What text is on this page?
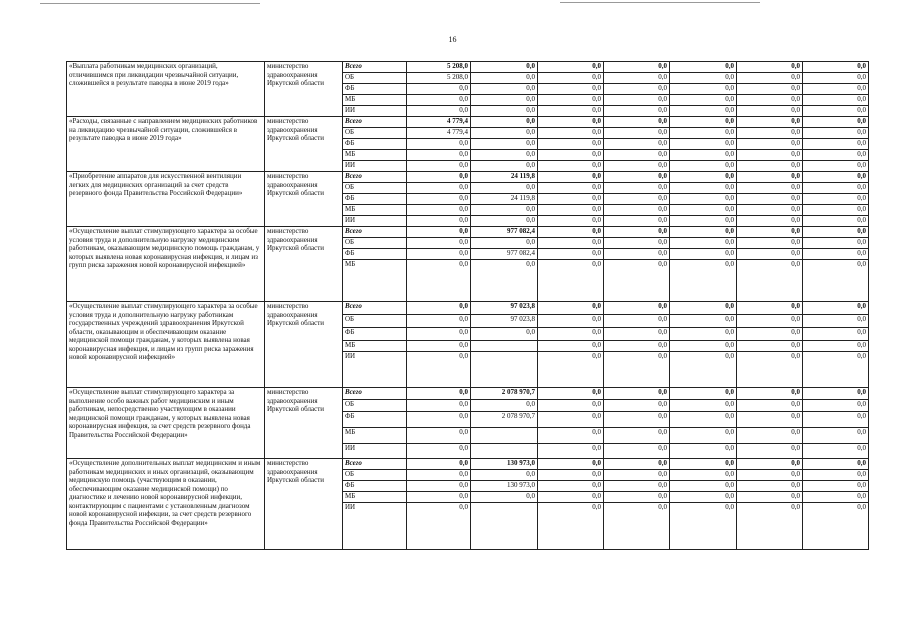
16
«Выплата работникам медицинских организаций, отличившимся при ликвидации чрезвычайной ситуации, сложившейся в результате паводка в июне 2019 года»	министерство здравоохранения Иркутской области	Всего	5 208,0	0,0	0,0	0,0	0,0	0,0	0,0
		ОБ	5 208,0	0,0	0,0	0,0	0,0	0,0	0,0
		ФБ	0,0	0,0	0,0	0,0	0,0	0,0	0,0
		МБ	0,0	0,0	0,0	0,0	0,0	0,0	0,0
		ИИ	0,0	0,0	0,0	0,0	0,0	0,0	0,0
«Расходы, связанные с направлением медицинских работников на ликвидацию чрезвычайной ситуации, сложившейся в результате паводка в июне 2019 года»	министерство здравоохранения Иркутской области	Всего	4 779,4	0,0	0,0	0,0	0,0	0,0	0,0
		ОБ	4 779,4	0,0	0,0	0,0	0,0	0,0	0,0
		ФБ	0,0	0,0	0,0	0,0	0,0	0,0	0,0
		МБ	0,0	0,0	0,0	0,0	0,0	0,0	0,0
		ИИ	0,0	0,0	0,0	0,0	0,0	0,0	0,0
«Приобретение аппаратов для искусственной вентиляции легких для медицинских организаций за счет средств резервного фонда Правительства Российской Федерации»	министерство здравоохранения Иркутской области	Всего	0,0	24 119,8	0,0	0,0	0,0	0,0	0,0
		ОБ	0,0	0,0	0,0	0,0	0,0	0,0	0,0
		ФБ	0,0	24 119,8	0,0	0,0	0,0	0,0	0,0
		МБ	0,0	0,0	0,0	0,0	0,0	0,0	0,0
		ИИ	0,0	0,0	0,0	0,0	0,0	0,0	0,0
«Осуществление выплат стимулирующего характера за особые условия труда и дополнительную нагрузку медицинским работникам, оказывающим медицинскую помощь гражданам, у которых выявлена новая коронавирусная инфекция, и лицам из групп риска заражения новой коронавирусной инфекцией»	министерство здравоохранения Иркутской области	Всего	0,0	977 082,4	0,0	0,0	0,0	0,0	0,0
		ОБ	0,0	0,0	0,0	0,0	0,0	0,0	0,0
		ФБ	0,0	977 082,4	0,0	0,0	0,0	0,0	0,0
		МБ	0,0	0,0	0,0	0,0	0,0	0,0	0,0
«Осуществление выплат стимулирующего характера за особые условия труда и дополнительную нагрузку работникам государственных учреждений здравоохранения Иркутской области, оказывающим и обеспечивающим оказание медицинской помощи гражданам, у которых выявлена новая коронавирусная инфекция, и лицам из групп риска заражения новой коронавирусной инфекцией»	министерство здравоохранения Иркутской области	Всего	0,0	97 023,8	0,0	0,0	0,0	0,0	0,0
		ОБ	0,0	97 023,8	0,0	0,0	0,0	0,0	0,0
		ФБ	0,0	0,0	0,0	0,0	0,0	0,0	0,0
		МБ	0,0		0,0	0,0	0,0	0,0	0,0
		ИИ	0,0		0,0	0,0	0,0	0,0	0,0
«Осуществление выплат стимулирующего характера за выполнение особо важных работ медицинским и иным работникам, непосредственно участвующим в оказании медицинской помощи гражданам, у которых выявлена новая коронавирусная инфекция, за счет средств резервного фонда Правительства Российской Федерации»	министерство здравоохранения Иркутской области	Всего	0,0	2 078 970,7	0,0	0,0	0,0	0,0	0,0
		ОБ	0,0	0,0	0,0	0,0	0,0	0,0	0,0
		ФБ	0,0	2 078 970,7	0,0	0,0	0,0	0,0	0,0
		МБ	0,0		0,0	0,0	0,0	0,0	0,0
		ИИ	0,0		0,0	0,0	0,0	0,0	0,0
«Осуществление дополнительных выплат медицинским и иным работникам медицинских и иных организаций, оказывающим медицинскую помощь (участвующим в оказании, обеспечивающим оказание медицинской помощи) по диагностике и лечению новой коронавирусной инфекции, контактирующим с пациентами с установленным диагнозом новой коронавирусной инфекции, за счет средств резервного фонда Правительства Российской Федерации»	министерство здравоохранения Иркутской области	Всего	0,0	130 973,0	0,0	0,0	0,0	0,0	0,0
		ОБ	0,0	0,0	0,0	0,0	0,0	0,0	0,0
		ФБ	0,0	130 973,0	0,0	0,0	0,0	0,0	0,0
		МБ	0,0	0,0	0,0	0,0	0,0	0,0	0,0
		ИИ	0,0		0,0	0,0	0,0	0,0	0,0
